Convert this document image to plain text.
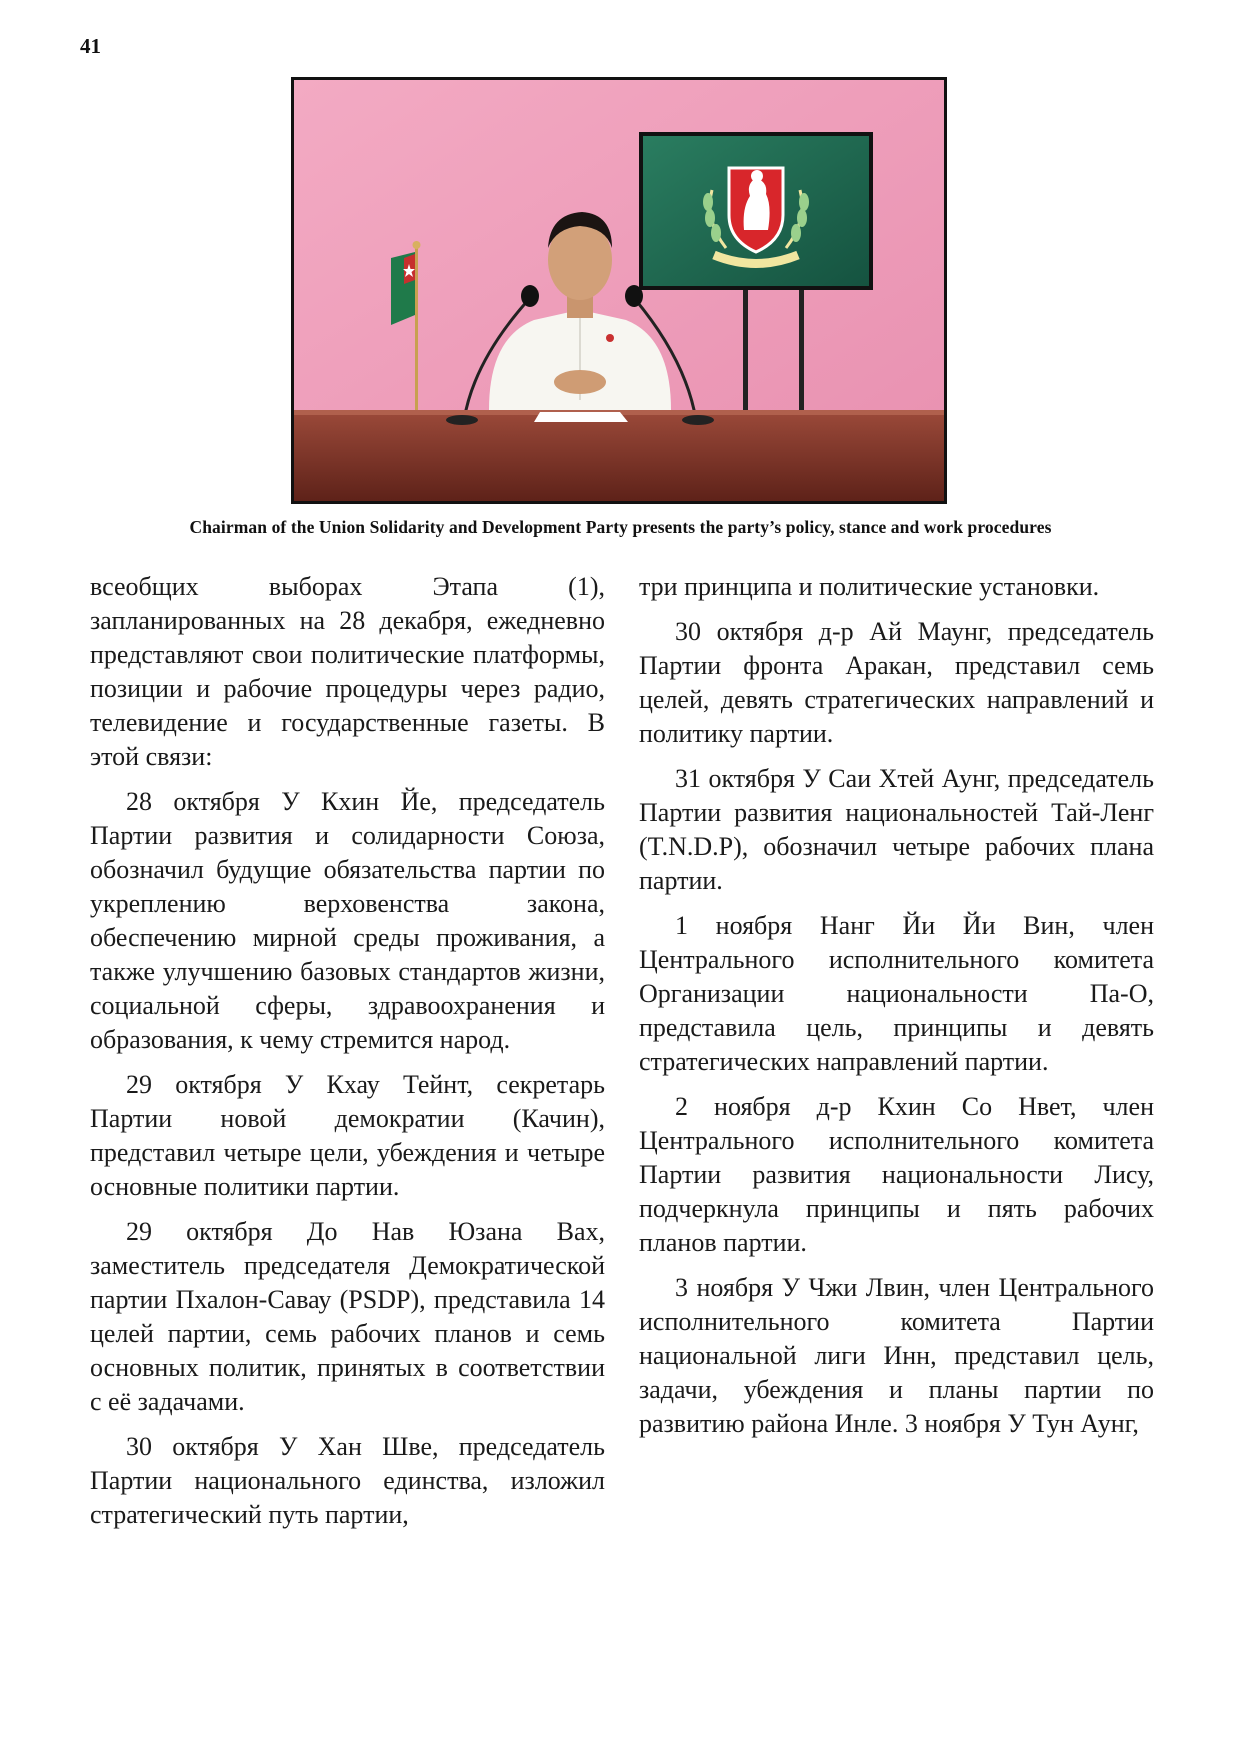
41
Chairman of the Union Solidarity and Development Party presents the party’s policy, stance and work procedures

всеобщих выборах Этапа (1), запланированных на 28 декабря, ежедневно представляют свои политические платформы, позиции и рабочие процедуры через радио, телевидение и государственные газеты. В этой связи:

28 октября У Кхин Йе, председатель Партии развития и солидарности Союза, обозначил будущие обязательства партии по укреплению верховенства закона, обеспечению мирной среды проживания, а также улучшению базовых стандартов жизни, социальной сферы, здравоохранения и образования, к чему стремится народ.

29 октября У Кхау Тейнт, секретарь Партии новой демократии (Качин), представил четыре цели, убеждения и четыре основные политики партии.

29 октября До Нав Юзана Вах, заместитель председателя Демократической партии Пхалон-Савау (PSDP), представила 14 целей партии, семь рабочих планов и семь основных политик, принятых в соответствии с её задачами.

30 октября У Хан Шве, председатель Партии национального единства, изложил стратегический путь партии,

три принципа и политические установки.

30 октября д-р Ай Маунг, председатель Партии фронта Аракан, представил семь целей, девять стратегических направлений и политику партии.

31 октября У Саи Хтей Аунг, председатель Партии развития национальностей Тай-Ленг (T.N.D.P), обозначил четыре рабочих плана партии.

1 ноября Нанг Йи Йи Вин, член Центрального исполнительного комитета Организации национальности Па-О, представила цель, принципы и девять стратегических направлений партии.

2 ноября д-р Кхин Со Нвет, член Центрального исполнительного комитета Партии развития национальности Лису, подчеркнула принципы и пять рабочих планов партии.

3 ноября У Чжи Лвин, член Центрального исполнительного комитета Партии национальной лиги Инн, представил цель, задачи, убеждения и планы партии по развитию района Инле. 3 ноября У Тун Аунг,
